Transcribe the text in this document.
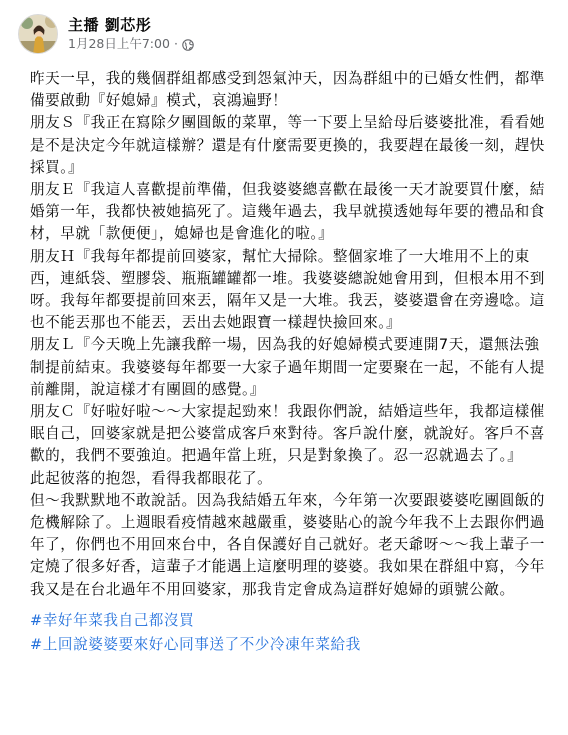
主播 劉芯彤
1月28日上午7:00 ·

昨天一早，我的幾個群組都感受到怨氣沖天，因為群組中的已婚女性們，都準備要啟動『好媳婦』模式，哀鴻遍野！

朋友Ｓ『我正在寫除夕團圓飯的菜單，等一下要上呈給母后婆婆批准，看看她是不是決定今年就這樣辦？還是有什麼需要更換的，我要趕在最後一刻，趕快採買。』

朋友Ｅ『我這人喜歡提前準備，但我婆婆總喜歡在最後一天才說要買什麼，結婚第一年，我都快被她搞死了。這幾年過去，我早就摸透她每年要的禮品和食材，早就「款便便」，媳婦也是會進化的啦。』

朋友Ｈ『我每年都提前回婆家，幫忙大掃除。整個家堆了一大堆用不上的東西，連紙袋、塑膠袋、瓶瓶罐罐都一堆。我婆婆總說她會用到，但根本用不到呀。我每年都要提前回來丟，隔年又是一大堆。我丟，婆婆還會在旁邊唸。這也不能丟那也不能丟，丟出去她跟寶一樣趕快撿回來。』

朋友Ｌ『今天晚上先讓我醉一場，因為我的好媳婦模式要連開7天，還無法強制提前結束。我婆婆每年都要一大家子過年期間一定要聚在一起，不能有人提前離開，說這樣才有團圓的感覺。』

朋友Ｃ『好啦好啦～～大家提起勁來！我跟你們說，結婚這些年，我都這樣催眠自己，回婆家就是把公婆當成客戶來對待。客戶說什麼，就說好。客戶不喜歡的，我們不要強迫。把過年當上班，只是對象換了。忍一忍就過去了。』

此起彼落的抱怨，看得我都眼花了。

但～我默默地不敢說話。因為我結婚五年來，今年第一次要跟婆婆吃團圓飯的危機解除了。上週眼看疫情越來越嚴重，婆婆貼心的說今年我不上去跟你們過年了，你們也不用回來台中，各自保護好自己就好。老天爺呀～～我上輩子一定燒了很多好香，這輩子才能遇上這麼明理的婆婆。我如果在群組中寫，今年我又是在台北過年不用回婆家，那我肯定會成為這群好媳婦的頭號公敵。

#幸好年菜我自己都沒買
#上回說婆婆要來好心同事送了不少冷凍年菜給我
